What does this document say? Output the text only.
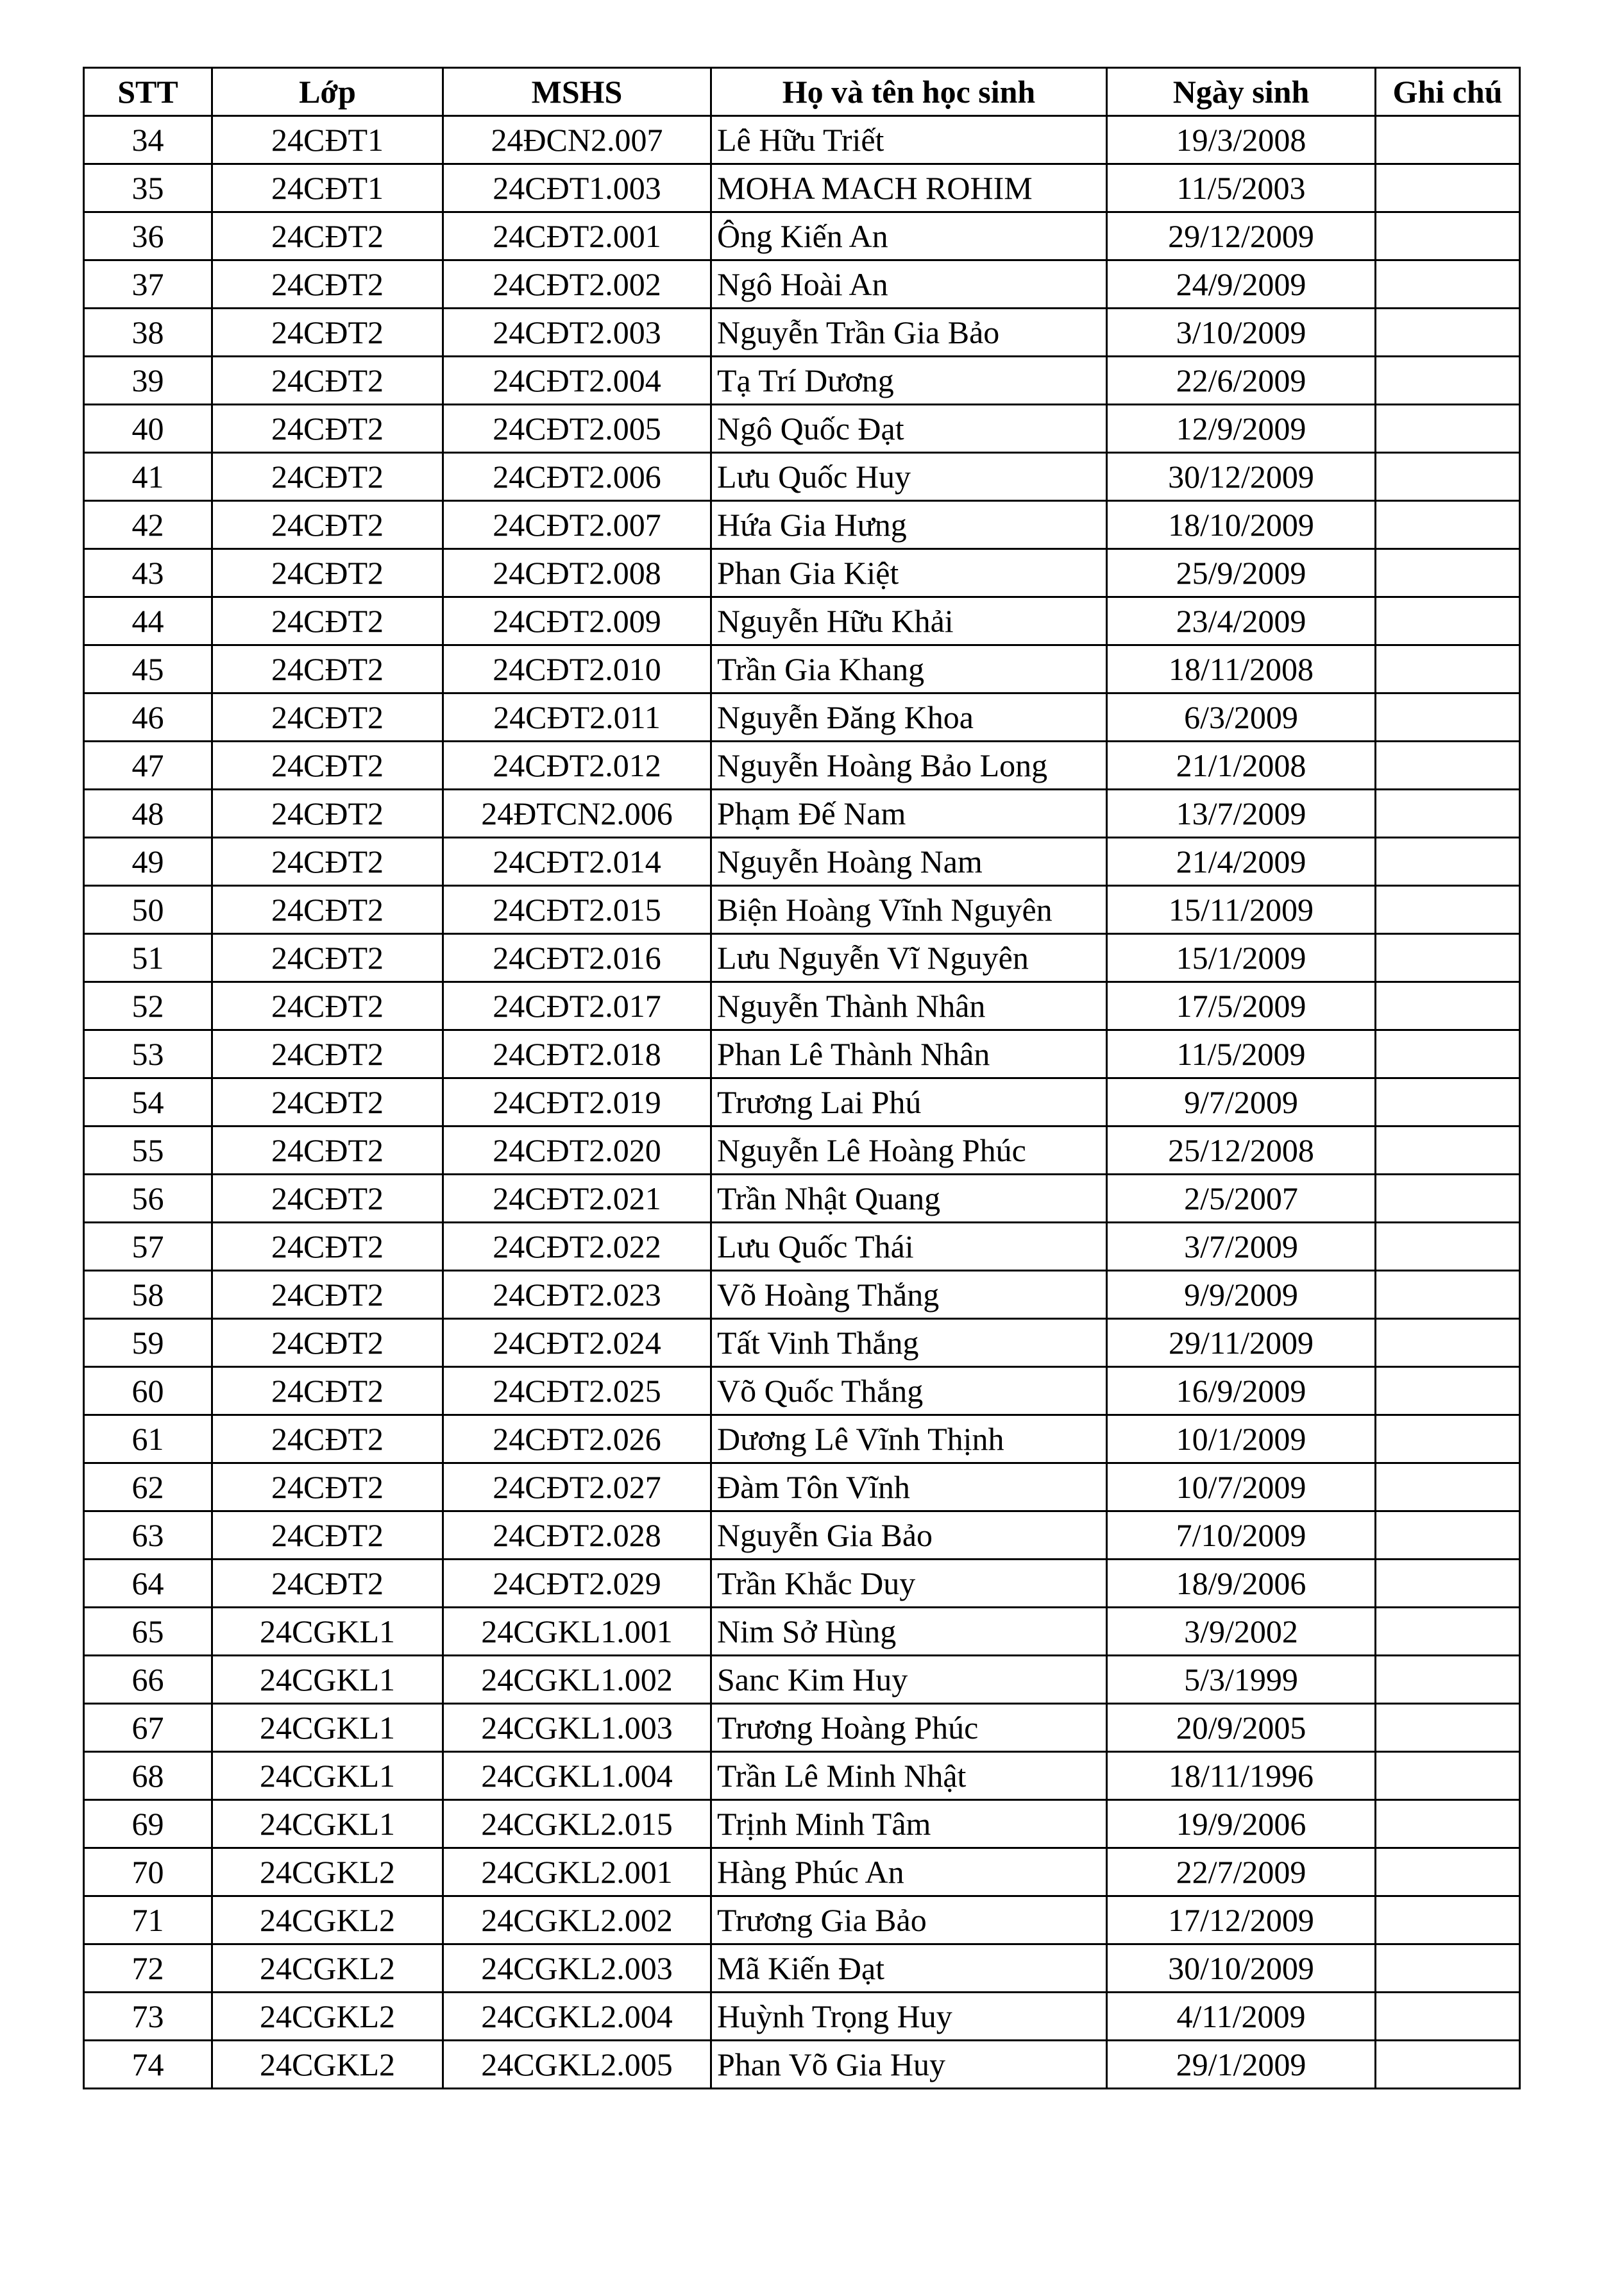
STT	Lớp	MSHS	Họ và tên học sinh	Ngày sinh	Ghi chú
34	24CĐT1	24ĐCN2.007	Lê Hữu Triết	19/3/2008	
35	24CĐT1	24CĐT1.003	MOHA MACH ROHIM	11/5/2003	
36	24CĐT2	24CĐT2.001	Ông Kiến An	29/12/2009	
37	24CĐT2	24CĐT2.002	Ngô Hoài An	24/9/2009	
38	24CĐT2	24CĐT2.003	Nguyễn Trần Gia Bảo	3/10/2009	
39	24CĐT2	24CĐT2.004	Tạ Trí Dương	22/6/2009	
40	24CĐT2	24CĐT2.005	Ngô Quốc Đạt	12/9/2009	
41	24CĐT2	24CĐT2.006	Lưu Quốc Huy	30/12/2009	
42	24CĐT2	24CĐT2.007	Hứa Gia Hưng	18/10/2009	
43	24CĐT2	24CĐT2.008	Phan Gia Kiệt	25/9/2009	
44	24CĐT2	24CĐT2.009	Nguyễn Hữu Khải	23/4/2009	
45	24CĐT2	24CĐT2.010	Trần Gia Khang	18/11/2008	
46	24CĐT2	24CĐT2.011	Nguyễn Đăng Khoa	6/3/2009	
47	24CĐT2	24CĐT2.012	Nguyễn Hoàng Bảo Long	21/1/2008	
48	24CĐT2	24ĐTCN2.006	Phạm Đế Nam	13/7/2009	
49	24CĐT2	24CĐT2.014	Nguyễn Hoàng Nam	21/4/2009	
50	24CĐT2	24CĐT2.015	Biện Hoàng Vĩnh Nguyên	15/11/2009	
51	24CĐT2	24CĐT2.016	Lưu Nguyễn Vĩ Nguyên	15/1/2009	
52	24CĐT2	24CĐT2.017	Nguyễn Thành Nhân	17/5/2009	
53	24CĐT2	24CĐT2.018	Phan Lê Thành Nhân	11/5/2009	
54	24CĐT2	24CĐT2.019	Trương Lai Phú	9/7/2009	
55	24CĐT2	24CĐT2.020	Nguyễn Lê Hoàng Phúc	25/12/2008	
56	24CĐT2	24CĐT2.021	Trần Nhật Quang	2/5/2007	
57	24CĐT2	24CĐT2.022	Lưu Quốc Thái	3/7/2009	
58	24CĐT2	24CĐT2.023	Võ Hoàng Thắng	9/9/2009	
59	24CĐT2	24CĐT2.024	Tất Vinh Thắng	29/11/2009	
60	24CĐT2	24CĐT2.025	Võ Quốc Thắng	16/9/2009	
61	24CĐT2	24CĐT2.026	Dương Lê Vĩnh Thịnh	10/1/2009	
62	24CĐT2	24CĐT2.027	Đàm Tôn Vĩnh	10/7/2009	
63	24CĐT2	24CĐT2.028	Nguyễn Gia Bảo	7/10/2009	
64	24CĐT2	24CĐT2.029	Trần Khắc Duy	18/9/2006	
65	24CGKL1	24CGKL1.001	Nim Sở Hùng	3/9/2002	
66	24CGKL1	24CGKL1.002	Sanc Kim Huy	5/3/1999	
67	24CGKL1	24CGKL1.003	Trương Hoàng Phúc	20/9/2005	
68	24CGKL1	24CGKL1.004	Trần Lê Minh Nhật	18/11/1996	
69	24CGKL1	24CGKL2.015	Trịnh Minh Tâm	19/9/2006	
70	24CGKL2	24CGKL2.001	Hàng Phúc An	22/7/2009	
71	24CGKL2	24CGKL2.002	Trương Gia Bảo	17/12/2009	
72	24CGKL2	24CGKL2.003	Mã Kiến Đạt	30/10/2009	
73	24CGKL2	24CGKL2.004	Huỳnh Trọng Huy	4/11/2009	
74	24CGKL2	24CGKL2.005	Phan Võ Gia Huy	29/1/2009	
